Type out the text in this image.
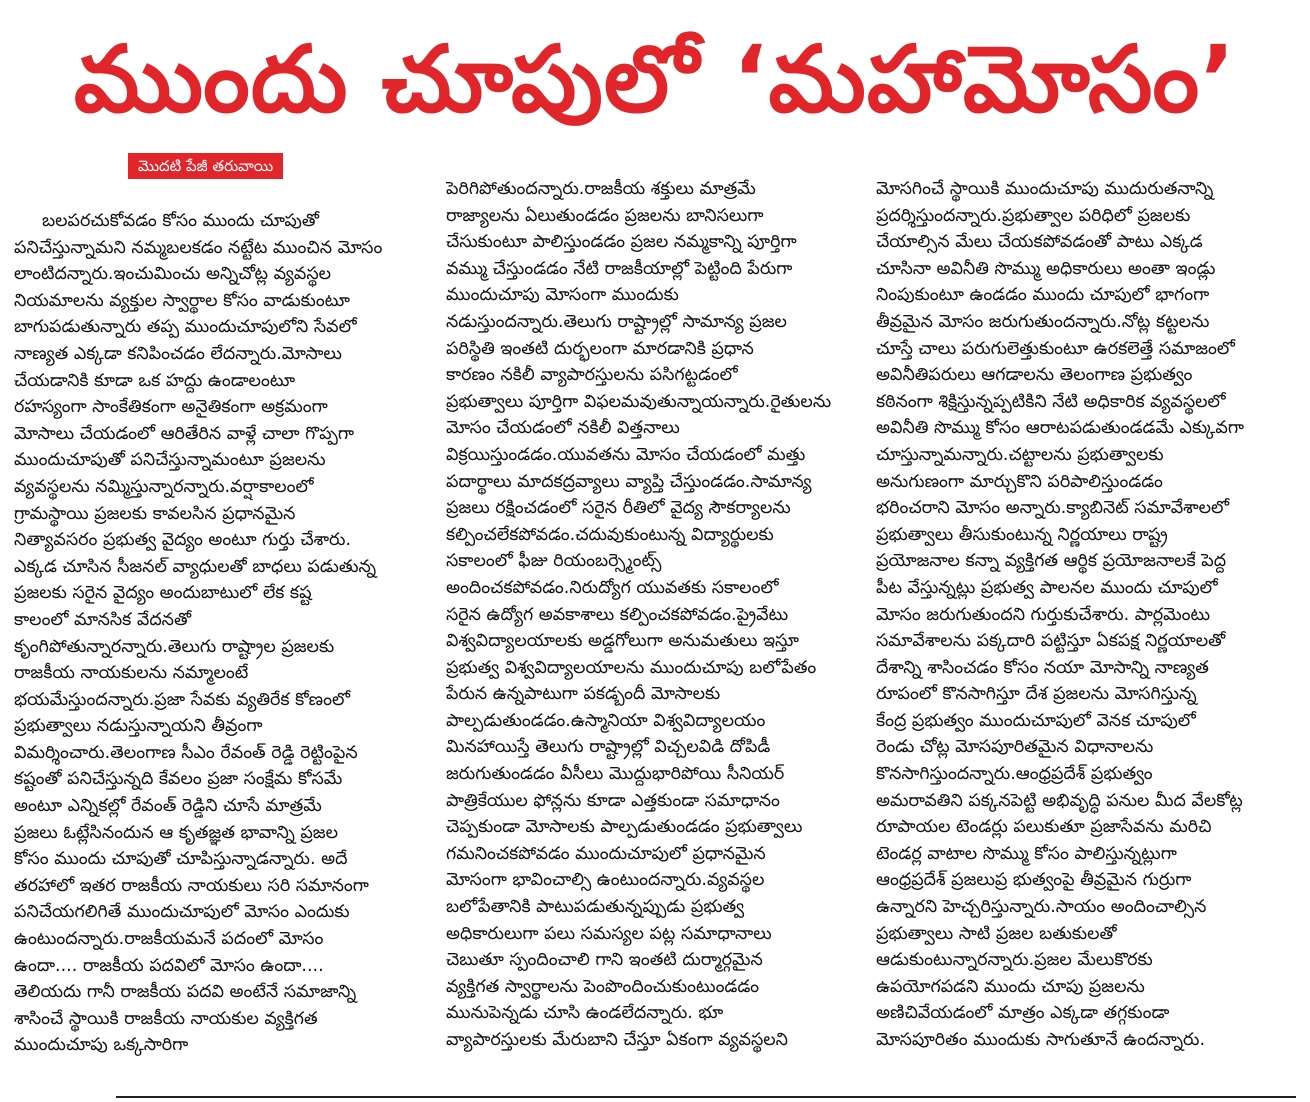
ముందు చూపులో ‘మహామోసం’
మొదటి పేజీ తరువాయి
బలపరచుకోవడం కోసం ముందు చూపుతో
పనిచేస్తున్నామని నమ్మబలకడం నట్టేట ముంచిన మోసం
లాంటిదన్నారు.ఇంచుమించు అన్నిచోట్ల వ్యవస్థల
నియమాలను వ్యక్తుల స్వార్థాల కోసం వాడుకుంటూ
బాగుపడుతున్నారు తప్ప ముందుచూపులోని సేవలో
నాణ్యత ఎక్కడా కనిపించడం లేదన్నారు.మోసాలు
చేయడానికి కూడా ఒక హద్దు ఉండాలంటూ
రహస్యంగా సాంకేతికంగా అనైతికంగా అక్రమంగా
మోసాలు చేయడంలో ఆరితేరిన వాళ్లే చాలా గొప్పగా
ముందుచూపుతో పనిచేస్తున్నామంటూ ప్రజలను
వ్యవస్థలను నమ్మిస్తున్నారన్నారు.వర్షాకాలంలో
గ్రామస్థాయి ప్రజలకు కావలసిన ప్రధానమైన
నిత్యావసరం ప్రభుత్వ వైద్యం అంటూ గుర్తు చేశారు.
ఎక్కడ చూసిన సీజనల్ వ్యాధులతో బాధలు పడుతున్న
ప్రజలకు సరైన వైద్యం అందుబాటులో లేక కష్ట
కాలంలో మానసిక వేదనతో
కృంగిపోతున్నారన్నారు.తెలుగు రాష్ట్రాల ప్రజలకు
రాజకీయ నాయకులను నమ్మాలంటే
భయమేస్తుందన్నారు.ప్రజా సేవకు వ్యతిరేక కోణంలో
ప్రభుత్వాలు నడుస్తున్నాయని తీవ్రంగా
విమర్శించారు.తెలంగాణ సీఎం రేవంత్ రెడ్డి రెట్టింపైన
కష్టంతో పనిచేస్తున్నది కేవలం ప్రజా సంక్షేమ కోసమే
అంటూ ఎన్నికల్లో రేవంత్ రెడ్డిని చూసే మాత్రమే
ప్రజలు ఓట్లేసినందున ఆ కృతజ్ఞత భావాన్ని ప్రజల
కోసం ముందు చూపుతో చూపిస్తున్నాడన్నారు. అదే
తరహాలో ఇతర రాజకీయ నాయకులు సరి సమానంగా
పనిచేయగలిగితే ముందుచూపులో మోసం ఎందుకు
ఉంటుందన్నారు.రాజకీయమనే పదంలో మోసం
ఉందా.... రాజకీయ పదవిలో మోసం ఉందా....
తెలియదు గానీ రాజకీయ పదవి అంటేనే సమాజాన్ని
శాసించే స్థాయికి రాజకీయ నాయకుల వ్యక్తిగత
ముందుచూపు ఒక్కసారిగా
పెరిగిపోతుందన్నారు.రాజకీయ శక్తులు మాత్రమే
రాజ్యాలను ఏలుతుండడం ప్రజలను బానిసలుగా
చేసుకుంటూ పాలిస్తుండడం ప్రజల నమ్మకాన్ని పూర్తిగా
వమ్ము చేస్తుండడం నేటి రాజకీయాల్లో పెట్టింది పేరుగా
ముందుచూపు మోసంగా ముందుకు
నడుస్తుందన్నారు.తెలుగు రాష్ట్రాల్లో సామాన్య ప్రజల
పరిస్థితి ఇంతటి దుర్భలంగా మారడానికి ప్రధాన
కారణం నకిలీ వ్యాపారస్తులను పసిగట్టడంలో
ప్రభుత్వాలు పూర్తిగా విఫలమవుతున్నాయన్నారు.రైతులను
మోసం చేయడంలో నకిలీ విత్తనాలు
విక్రయిస్తుండడం.యువతను మోసం చేయడంలో మత్తు
పదార్థాలు మాదకద్రవ్యాలు వ్యాప్తి చేస్తుండడం.సామాన్య
ప్రజలు రక్షించడంలో సరైన రీతిలో వైద్య సౌకర్యాలను
కల్పించలేకపోవడం.చదువుకుంటున్న విద్యార్థులకు
సకాలంలో ఫీజు రియంబర్స్మెంట్స్
అందించకపోవడం.నిరుద్యోగ యువతకు సకాలంలో
సరైన ఉద్యోగ అవకాశాలు కల్పించకపోవడం.ప్రైవేటు
విశ్వవిద్యాలయాలకు అడ్డగోలుగా అనుమతులు ఇస్తూ
ప్రభుత్వ విశ్వవిద్యాలయాలను ముందుచూపు బలోపేతం
పేరున ఉన్నపాటుగా పకడ్బందీ మోసాలకు
పాల్పడుతుండడం.ఉస్మానియా విశ్వవిద్యాలయం
మినహాయిస్తే తెలుగు రాష్ట్రాల్లో విచ్చలవిడి దోపిడీ
జరుగుతుండడం వీసీలు మొద్దుభారిపోయి సీనియర్
పాత్రికేయుల ఫోన్లను కూడా ఎత్తకుండా సమాధానం
చెప్పకుండా మోసాలకు పాల్పడుతుండడం ప్రభుత్వాలు
గమనించకపోవడం ముందుచూపులో ప్రధానమైన
మోసంగా భావించాల్సి ఉంటుందన్నారు.వ్యవస్థల
బలోపేతానికి పాటుపడుతున్నప్పుడు ప్రభుత్వ
అధికారులుగా పలు సమస్యల పట్ల సమాధానాలు
చెబుతూ స్పందించాలి గాని ఇంతటి దుర్మార్గమైన
వ్యక్తిగత స్వార్థాలను పెంపొందించుకుంటుండడం
మునుపెన్నడు చూసి ఉండలేదన్నారు. భూ
వ్యాపారస్తులకు మేరుబాని చేస్తూ ఏకంగా వ్యవస్థలని
మోసగించే స్థాయికి ముందుచూపు ముదురుతనాన్ని
ప్రదర్శిస్తుందన్నారు.ప్రభుత్వాల పరిధిలో ప్రజలకు
చేయాల్సిన మేలు చేయకపోవడంతో పాటు ఎక్కడ
చూసినా అవినీతి సొమ్ము అధికారులు అంతా ఇండ్లు
నింపుకుంటూ ఉండడం ముందు చూపులో భాగంగా
తీవ్రమైన మోసం జరుగుతుందన్నారు.నోట్ల కట్టలను
చూస్తే చాలు పరుగులెత్తుకుంటూ ఉరకలెత్తే సమాజంలో
అవినీతిపరులు ఆగడాలను తెలంగాణ ప్రభుత్వం
కఠినంగా శిక్షిస్తున్నప్పటికిని నేటి అధికారిక వ్యవస్థలలో
అవినీతి సొమ్ము కోసం ఆరాటపడుతుండడమే ఎక్కువగా
చూస్తున్నామన్నారు.చట్టాలను ప్రభుత్వాలకు
అనుగుణంగా మార్చుకొని పరిపాలిస్తుండడం
భరించరాని మోసం అన్నారు.క్యాబినెట్ సమావేశాలలో
ప్రభుత్వాలు తీసుకుంటున్న నిర్ణయాలు రాష్ట్ర
ప్రయోజనాల కన్నా వ్యక్తిగత ఆర్థిక ప్రయోజనాలకే పెద్ద
పీట వేస్తున్నట్లు ప్రభుత్వ పాలనల ముందు చూపులో
మోసం జరుగుతుందని గుర్తుకుచేశారు. పార్లమెంటు
సమావేశాలను పక్కదారి పట్టిస్తూ ఏకపక్ష నిర్ణయాలతో
దేశాన్ని శాసించడం కోసం నయా మోసాన్ని నాణ్యత
రూపంలో కొనసాగిస్తూ దేశ ప్రజలను మోసగిస్తున్న
కేంద్ర ప్రభుత్వం ముందుచూపులో వెనక చూపులో
రెండు చోట్ల మోసపూరితమైన విధానాలను
కొనసాగిస్తుందన్నారు.ఆంధ్రప్రదేశ్ ప్రభుత్వం
అమరావతిని పక్కనపెట్టి అభివృద్ధి పనుల మీద వేలకోట్ల
రూపాయల టెండర్లు పలుకుతూ ప్రజాసేవను మరిచి
టెండర్ల వాటాల సొమ్ము కోసం పాలిస్తున్నట్లుగా
ఆంధ్రప్రదేశ్ ప్రజలుప్ర భుత్వంపై తీవ్రమైన గుర్రుగా
ఉన్నారని హెచ్చరిస్తున్నారు.సాయం అందించాల్సిన
ప్రభుత్వాలు సాటి ప్రజల బతుకులతో
ఆడుకుంటున్నారన్నారు.ప్రజల మేలుకొరకు
ఉపయోగపడని ముందు చూపు ప్రజలను
అణిచివేయడంలో మాత్రం ఎక్కడా తగ్గకుండా
మోసపూరితం ముందుకు సాగుతూనే ఉందన్నారు.
